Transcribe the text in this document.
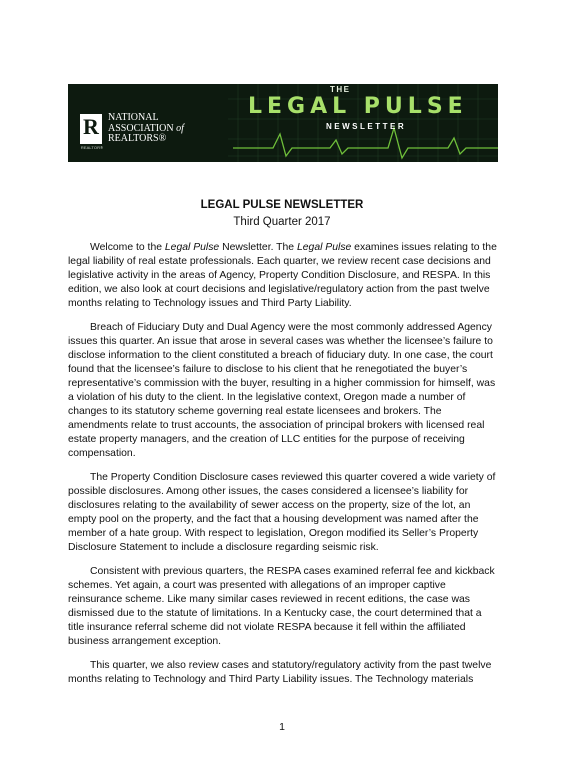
R
REALTOR®
NATIONAL
ASSOCIATION of
REALTORS®
THE
LEGAL PULSE
NEWSLETTER
LEGAL PULSE NEWSLETTER
Third Quarter 2017

Welcome to the Legal Pulse Newsletter. The Legal Pulse examines issues relating to the legal liability of real estate professionals. Each quarter, we review recent case decisions and legislative activity in the areas of Agency, Property Condition Disclosure, and RESPA. In this edition, we also look at court decisions and legislative/regulatory action from the past twelve months relating to Technology issues and Third Party Liability.

Breach of Fiduciary Duty and Dual Agency were the most commonly addressed Agency issues this quarter. An issue that arose in several cases was whether the licensee’s failure to disclose information to the client constituted a breach of fiduciary duty. In one case, the court found that the licensee’s failure to disclose to his client that he renegotiated the buyer’s representative’s commission with the buyer, resulting in a higher commission for himself, was a violation of his duty to the client. In the legislative context, Oregon made a number of changes to its statutory scheme governing real estate licensees and brokers. The amendments relate to trust accounts, the association of principal brokers with licensed real estate property managers, and the creation of LLC entities for the purpose of receiving compensation.

The Property Condition Disclosure cases reviewed this quarter covered a wide variety of possible disclosures. Among other issues, the cases considered a licensee’s liability for disclosures relating to the availability of sewer access on the property, size of the lot, an empty pool on the property, and the fact that a housing development was named after the member of a hate group. With respect to legislation, Oregon modified its Seller’s Property Disclosure Statement to include a disclosure regarding seismic risk.

Consistent with previous quarters, the RESPA cases examined referral fee and kickback schemes. Yet again, a court was presented with allegations of an improper captive reinsurance scheme. Like many similar cases reviewed in recent editions, the case was dismissed due to the statute of limitations. In a Kentucky case, the court determined that a title insurance referral scheme did not violate RESPA because it fell within the affiliated business arrangement exception.

This quarter, we also review cases and statutory/regulatory activity from the past twelve months relating to Technology and Third Party Liability issues. The Technology materials

1
